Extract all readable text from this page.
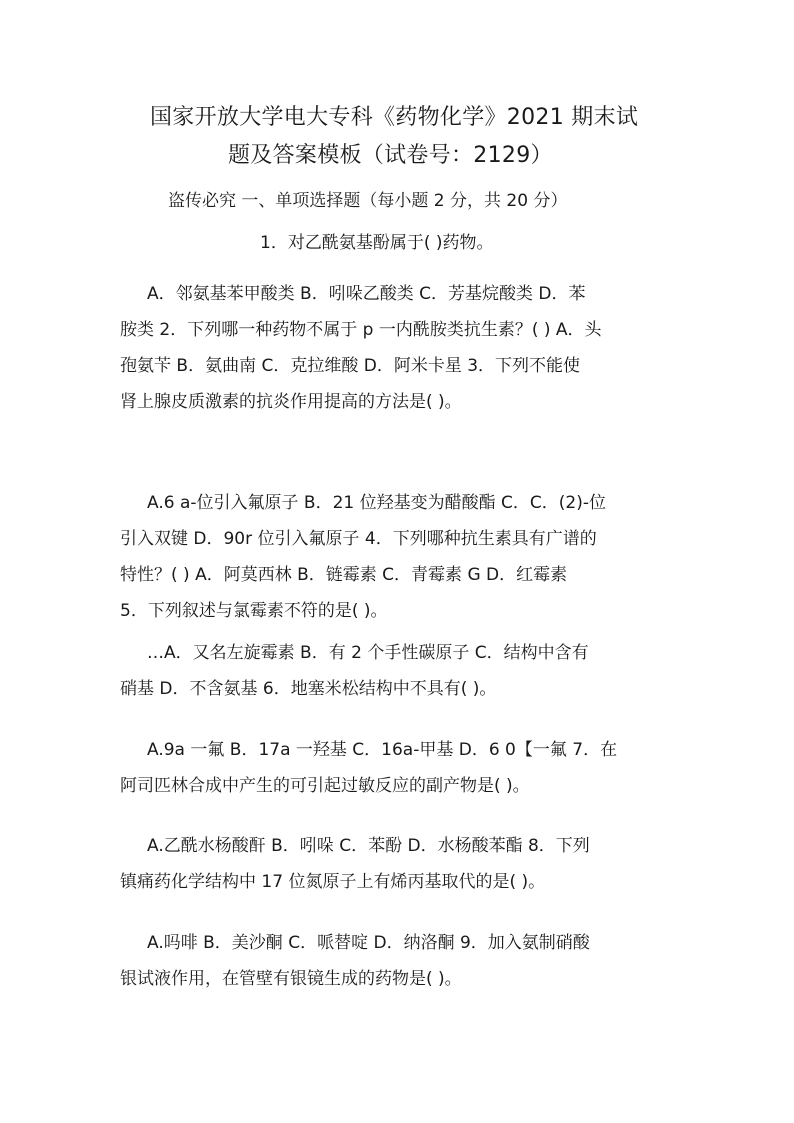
国家开放大学电大专科《药物化学》2021 期末试
题及答案模板（试卷号：2129）
盗传必究 一、单项选择题（每小题 2 分，共 20 分）
1．对乙酰氨基酚属于( )药物。
A．邻氨基苯甲酸类 B．吲哚乙酸类 C．芳基烷酸类 D．苯
胺类 2．下列哪一种药物不属于 p 一内酰胺类抗生素？( ) A．头
孢氨苄 B．氨曲南 C．克拉维酸 D．阿米卡星 3．下列不能使
肾上腺皮质激素的抗炎作用提高的方法是( )。
A.6 a-位引入氟原子 B．21 位羟基变为醋酸酯 C．C．(2)-位
引入双键 D．90r 位引入氟原子 4．下列哪种抗生素具有广谱的
特性？( ) A．阿莫西林 B．链霉素 C．青霉素 G D．红霉素
5．下列叙述与氯霉素不符的是( )。
…A．又名左旋霉素 B．有 2 个手性碳原子 C．结构中含有
硝基 D．不含氨基 6．地塞米松结构中不具有( )。
A.9a 一氟 B．17a 一羟基 C．16a-甲基 D．6 0【一氟 7．在
阿司匹林合成中产生的可引起过敏反应的副产物是( )。
A.乙酰水杨酸酐 B．吲哚 C．苯酚 D．水杨酸苯酯 8．下列
镇痛药化学结构中 17 位氮原子上有烯丙基取代的是( )。
A.吗啡 B．美沙酮 C．哌替啶 D．纳洛酮 9．加入氨制硝酸
银试液作用，在管壁有银镜生成的药物是( )。
